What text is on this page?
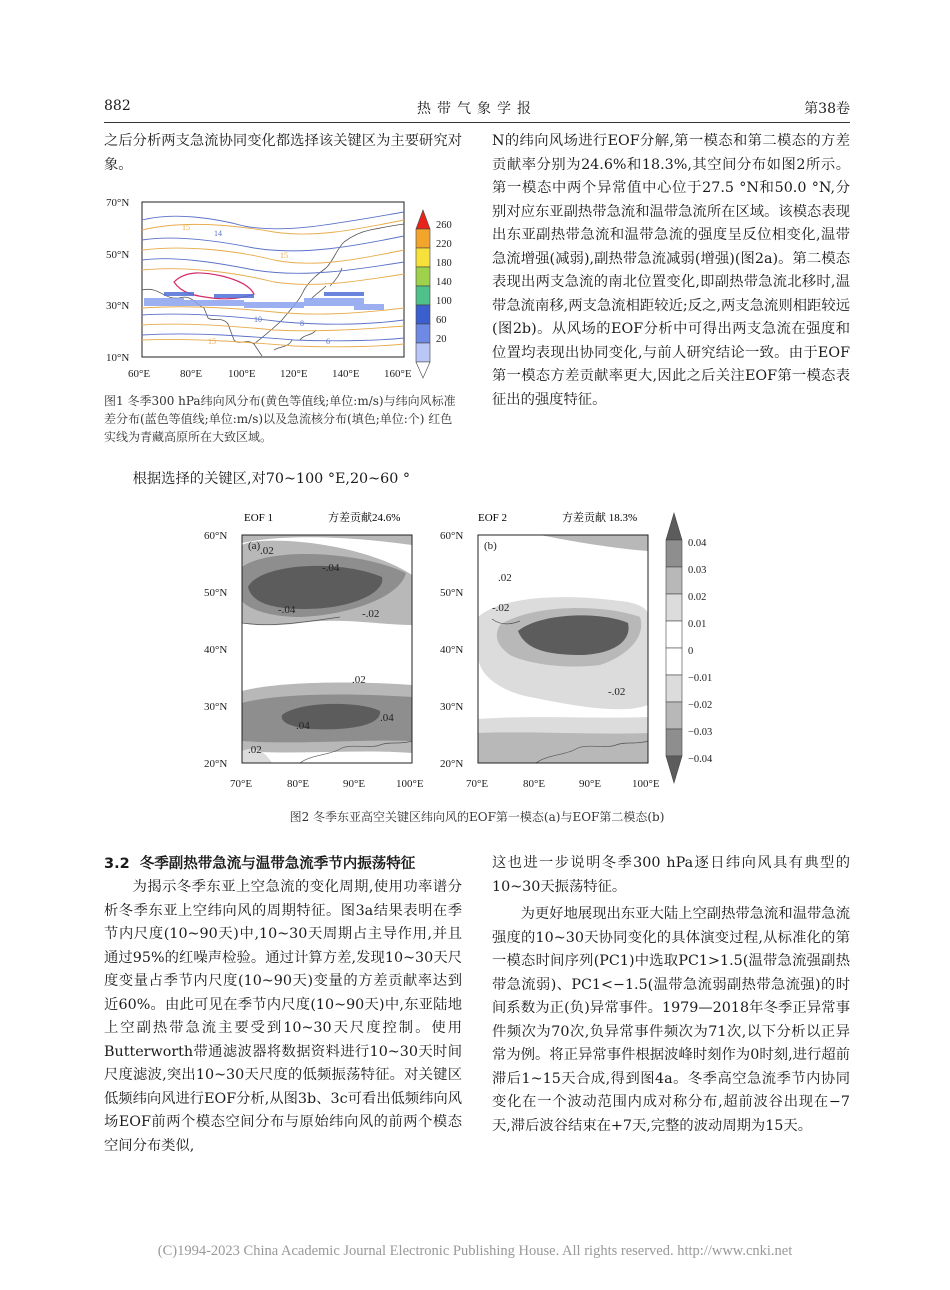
882	热带气象学报	第38卷

之后分析两支急流协同变化都选择该关键区为主要研究对象。

14
15
15
10	8
6
15
70°N
50°N
30°N
10°N
60°E	80°E 100°E 120°E 140°E 160°E
260
220
180
140
100
60
20
图1 冬季300 hPa纬向风分布(黄色等值线;单位:m/s)与纬向风标准差分布(蓝色等值线;单位:m/s)以及急流核分布(填色;单位:个) 红色实线为青藏高原所在大致区域。

根据选择的关键区,对70~100 °E,20~60 °

N的纬向风场进行EOF分解,第一模态和第二模态的方差贡献率分别为24.6%和18.3%,其空间分布如图2所示。第一模态中两个异常值中心位于27.5 °N和50.0 °N,分别对应东亚副热带急流和温带急流所在区域。该模态表现出东亚副热带急流和温带急流的强度呈反位相变化,温带急流增强(减弱),副热带急流减弱(增强)(图2a)。第二模态表现出两支急流的南北位置变化,即副热带急流北移时,温带急流南移,两支急流相距较近;反之,两支急流则相距较远(图2b)。从风场的EOF分析中可得出两支急流在强度和位置均表现出协同变化,与前人研究结论一致。由于EOF第一模态方差贡献率更大,因此之后关注EOF第一模态表征出的强度特征。

EOF 1	方差贡献24.6%
(a) .02
-.04
-.04	-.02
.02
.04
.04
.02
60°N
50°N
40°N
30°N
20°N
70°E	80°E	90°E	100°E
EOF 2	方差贡献 18.3%
(b)
.02
-.02
-.02
60°N
50°N
40°N
30°N
20°N
70°E	80°E	90°E	100°E
0.04
0.03
0.02
0.01
0
−0.01
−0.02
−0.03
−0.04
图2 冬季东亚高空关键区纬向风的EOF第一模态(a)与EOF第二模态(b)
3.2 冬季副热带急流与温带急流季节内振荡特征

为揭示冬季东亚上空急流的变化周期,使用功率谱分析冬季东亚上空纬向风的周期特征。图3a结果表明在季节内尺度(10~90天)中,10~30天周期占主导作用,并且通过95%的红噪声检验。通过计算方差,发现10~30天尺度变量占季节内尺度(10~90天)变量的方差贡献率达到近60%。由此可见在季节内尺度(10~90天)中,东亚陆地上空副热带急流主要受到10~30天尺度控制。使用Butterworth带通滤波器将数据资料进行10~30天时间尺度滤波,突出10~30天尺度的低频振荡特征。对关键区低频纬向风进行EOF分析,从图3b、3c可看出低频纬向风场EOF前两个模态空间分布与原始纬向风的前两个模态空间分布类似,

这也进一步说明冬季300 hPa逐日纬向风具有典型的10~30天振荡特征。

为更好地展现出东亚大陆上空副热带急流和温带急流强度的10~30天协同变化的具体演变过程,从标准化的第一模态时间序列(PC1)中选取PC1>1.5(温带急流强副热带急流弱)、PC1<−1.5(温带急流弱副热带急流强)的时间系数为正(负)异常事件。1979—2018年冬季正异常事件频次为70次,负异常事件频次为71次,以下分析以正异常为例。将正异常事件根据波峰时刻作为0时刻,进行超前滞后1~15天合成,得到图4a。冬季高空急流季节内协同变化在一个波动范围内成对称分布,超前波谷出现在−7天,滞后波谷结束在+7天,完整的波动周期为15天。

(C)1994-2023 China Academic Journal Electronic Publishing House. All rights reserved. http://www.cnki.net
